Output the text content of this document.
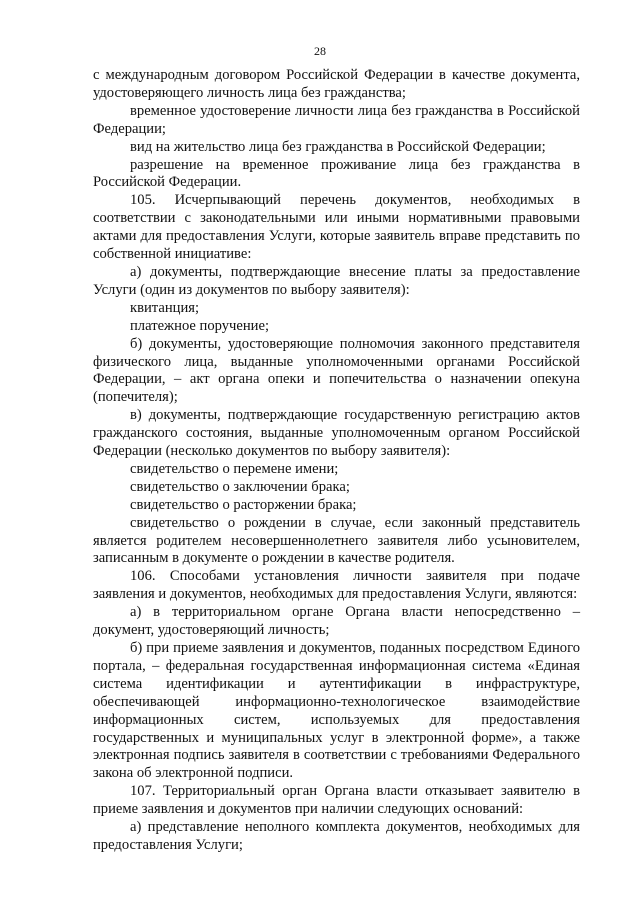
28

с международным договором Российской Федерации в качестве документа, удостоверяющего личность лица без гражданства;

временное удостоверение личности лица без гражданства в Российской Федерации;

вид на жительство лица без гражданства в Российской Федерации;

разрешение на временное проживание лица без гражданства в Российской Федерации.

105. Исчерпывающий перечень документов, необходимых в соответствии с законодательными или иными нормативными правовыми актами для предоставления Услуги, которые заявитель вправе представить по собственной инициативе:

а) документы, подтверждающие внесение платы за предоставление Услуги (один из документов по выбору заявителя):

квитанция;

платежное поручение;

б) документы, удостоверяющие полномочия законного представителя физического лица, выданные уполномоченными органами Российской Федерации, – акт органа опеки и попечительства о назначении опекуна (попечителя);

в) документы, подтверждающие государственную регистрацию актов гражданского состояния, выданные уполномоченным органом Российской Федерации (несколько документов по выбору заявителя):

свидетельство о перемене имени;

свидетельство о заключении брака;

свидетельство о расторжении брака;

свидетельство о рождении в случае, если законный представитель является родителем несовершеннолетнего заявителя либо усыновителем, записанным в документе о рождении в качестве родителя.

106. Способами установления личности заявителя при подаче заявления и документов, необходимых для предоставления Услуги, являются:

а) в территориальном органе Органа власти непосредственно – документ, удостоверяющий личность;

б) при приеме заявления и документов, поданных посредством Единого портала, – федеральная государственная информационная система «Единая система идентификации и аутентификации в инфраструктуре, обеспечивающей информационно-технологическое взаимодействие информационных систем, используемых для предоставления государственных и муниципальных услуг в электронной форме», а также электронная подпись заявителя в соответствии с требованиями Федерального закона об электронной подписи.

107. Территориальный орган Органа власти отказывает заявителю в приеме заявления и документов при наличии следующих оснований:

а) представление неполного комплекта документов, необходимых для предоставления Услуги;
